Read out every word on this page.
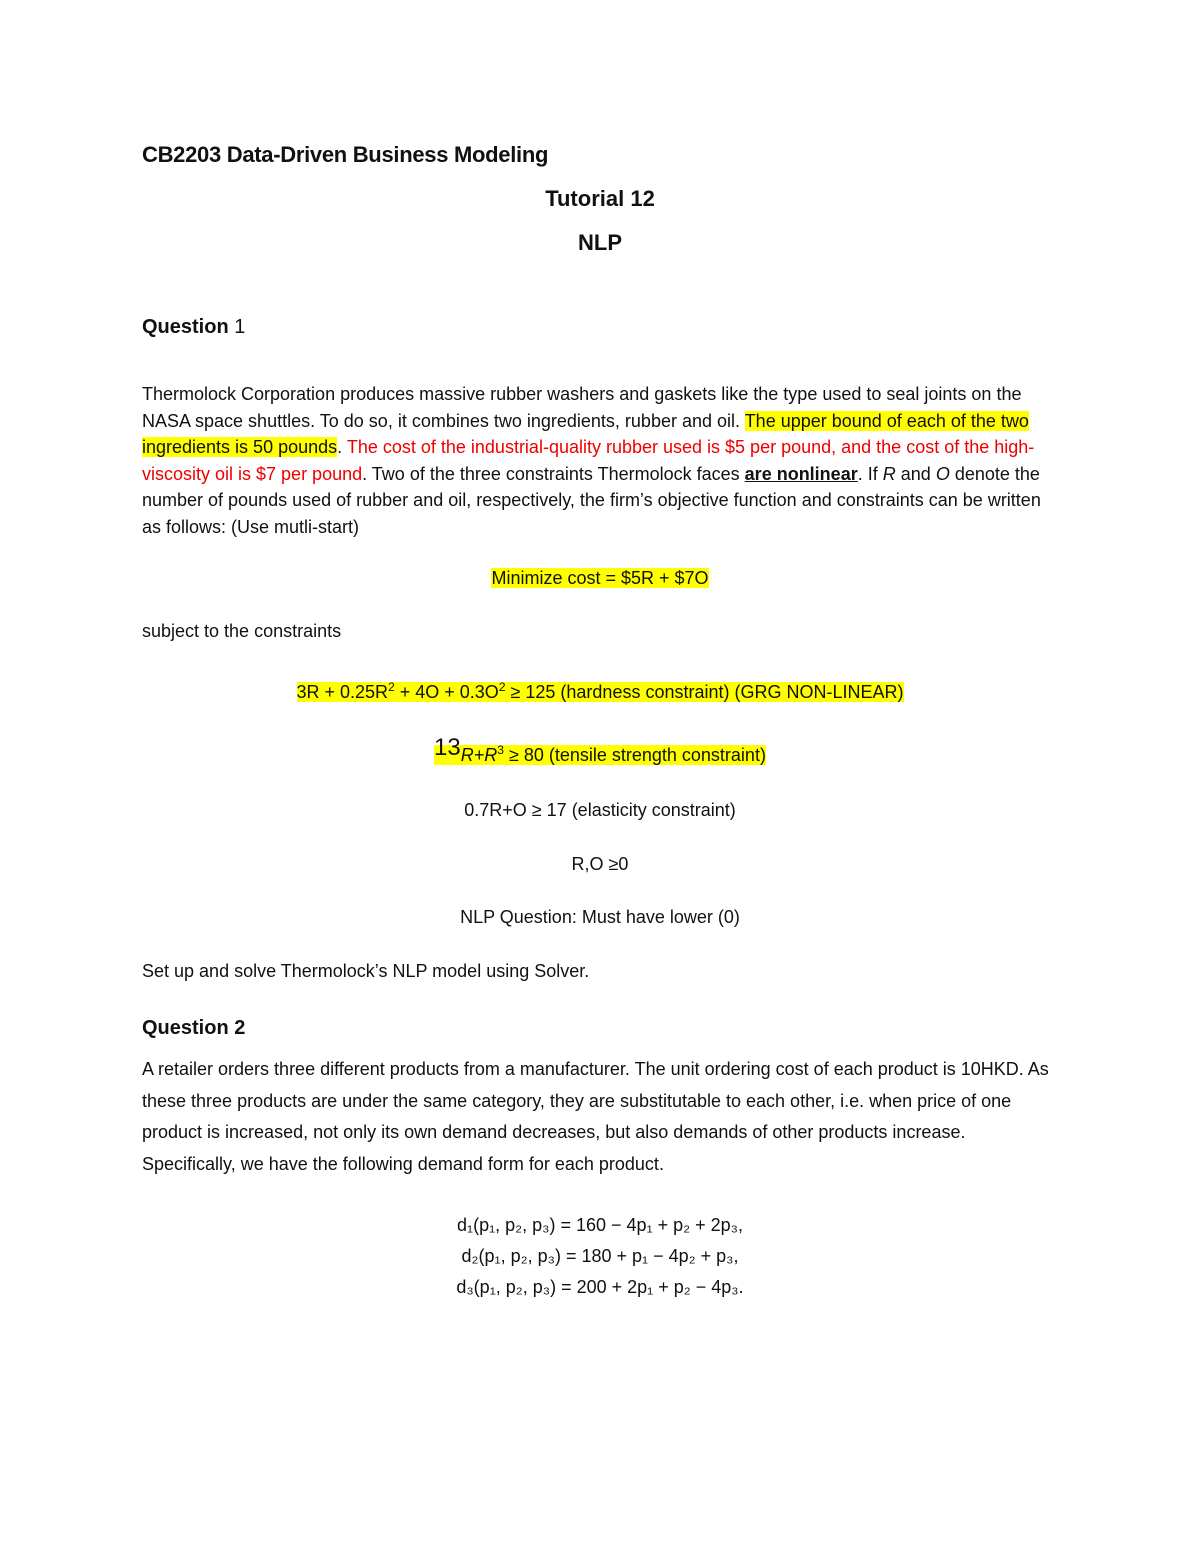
CB2203 Data-Driven Business Modeling
Tutorial 12
NLP
Question 1
Thermolock Corporation produces massive rubber washers and gaskets like the type used to seal joints on the NASA space shuttles. To do so, it combines two ingredients, rubber and oil. The upper bound of each of the two ingredients is 50 pounds. The cost of the industrial-quality rubber used is $5 per pound, and the cost of the high-viscosity oil is $7 per pound. Two of the three constraints Thermolock faces are nonlinear. If R and O denote the number of pounds used of rubber and oil, respectively, the firm’s objective function and constraints can be written as follows: (Use mutli-start)
Minimize cost = $5R + $7O
subject to the constraints
$3R + 0.25R^2 + 4O + 0.3O^2 \ge 125$ (hardness constraint) (GRG NON-LINEAR)
$13R+R^3 \ge 80$ (tensile strength constraint)
0.7R+O ≥ 17 (elasticity constraint)
R,O ≥0
NLP Question: Must have lower (0)
Set up and solve Thermolock’s NLP model using Solver.
Question 2
A retailer orders three different products from a manufacturer. The unit ordering cost of each product is 10HKD. As these three products are under the same category, they are substitutable to each other, i.e. when price of one product is increased, not only its own demand decreases, but also demands of other products increase. Specifically, we have the following demand form for each product.
d₁(p₁, p₂, p₃) = 160 − 4p₁ + p₂ + 2p₃,
d₂(p₁, p₂, p₃) = 180 + p₁ − 4p₂ + p₃,
d₃(p₁, p₂, p₃) = 200 + 2p₁ + p₂ − 4p₃.
